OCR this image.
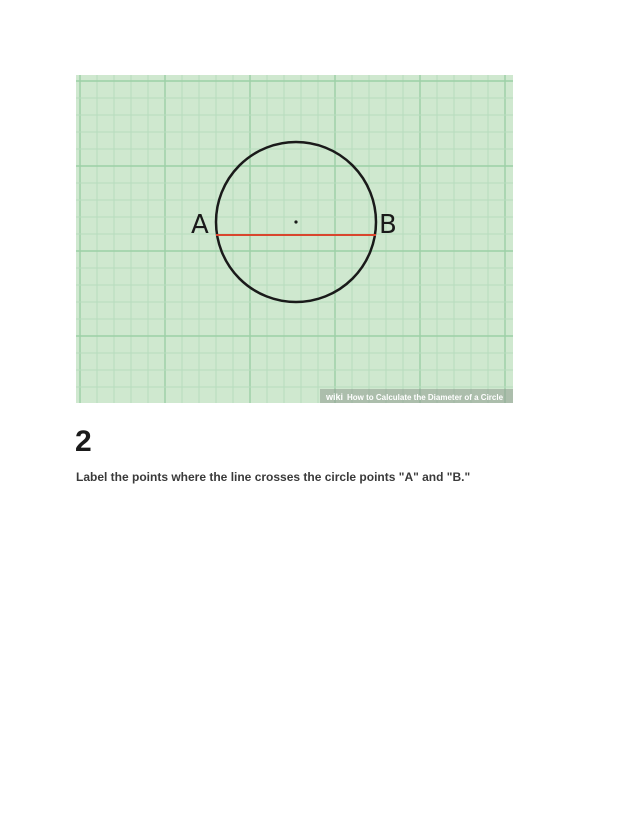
A	B
wiki How to Calculate the Diameter of a Circle
2

Label the points where the line crosses the circle points "A" and "B."
